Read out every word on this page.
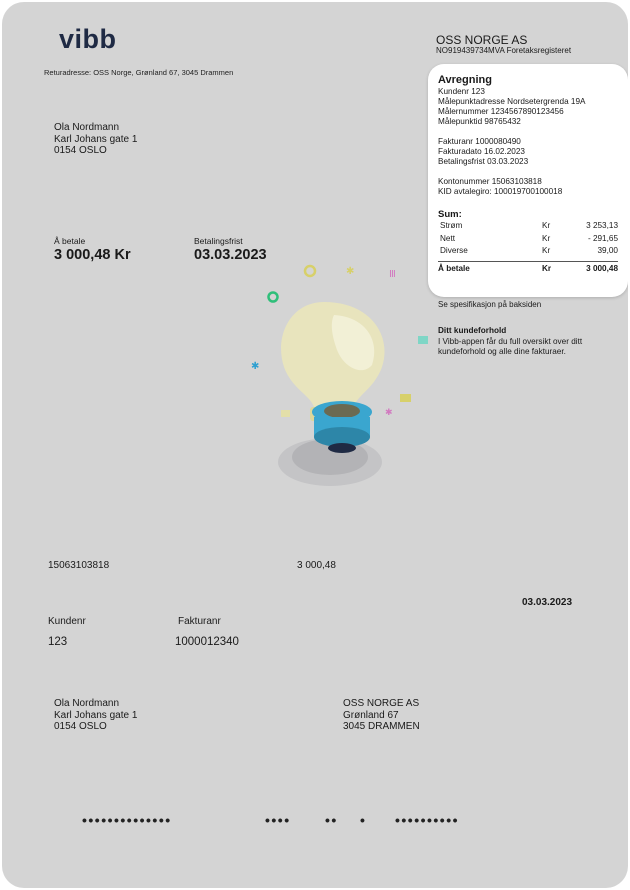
vibb
Returadresse: OSS Norge, Grønland 67, 3045 Drammen
Ola Nordmann
Karl Johans gate 1
0154 OSLO
OSS NORGE AS
NO919439734MVA Foretaksregisteret
Avregning
Kundenr 123
Målepunktadresse Nordsetergrenda 19A
Målernummer 1234567890123456
Målepunktid 98765432
Fakturanr 1000080490
Fakturadato 16.02.2023
Betalingsfrist 03.03.2023
Kontonummer 15063103818
KID avtalegiro: 100019700100018
Sum:
Strøm	Kr	3 253,13
Nett	Kr	- 291,65
Diverse	Kr	39,00
Å betale	Kr	3 000,48
Å betale
3 000,48 Kr
Betalingsfrist
03.03.2023
Se spesifikasjon på baksiden
Ditt kundeforhold
I Vibb-appen får du full oversikt over ditt kundeforhold og alle dine fakturaer.
✱	Ⅲ
✱
✱
15063103818	3 000,48
03.03.2023
Kundenr
123
Fakturanr
1000012340
Ola Nordmann
Karl Johans gate 1
0154 OSLO
OSS NORGE AS
Grønland 67
3045 DRAMMEN
••••••••••••••	•••• •• • ••••••••••
